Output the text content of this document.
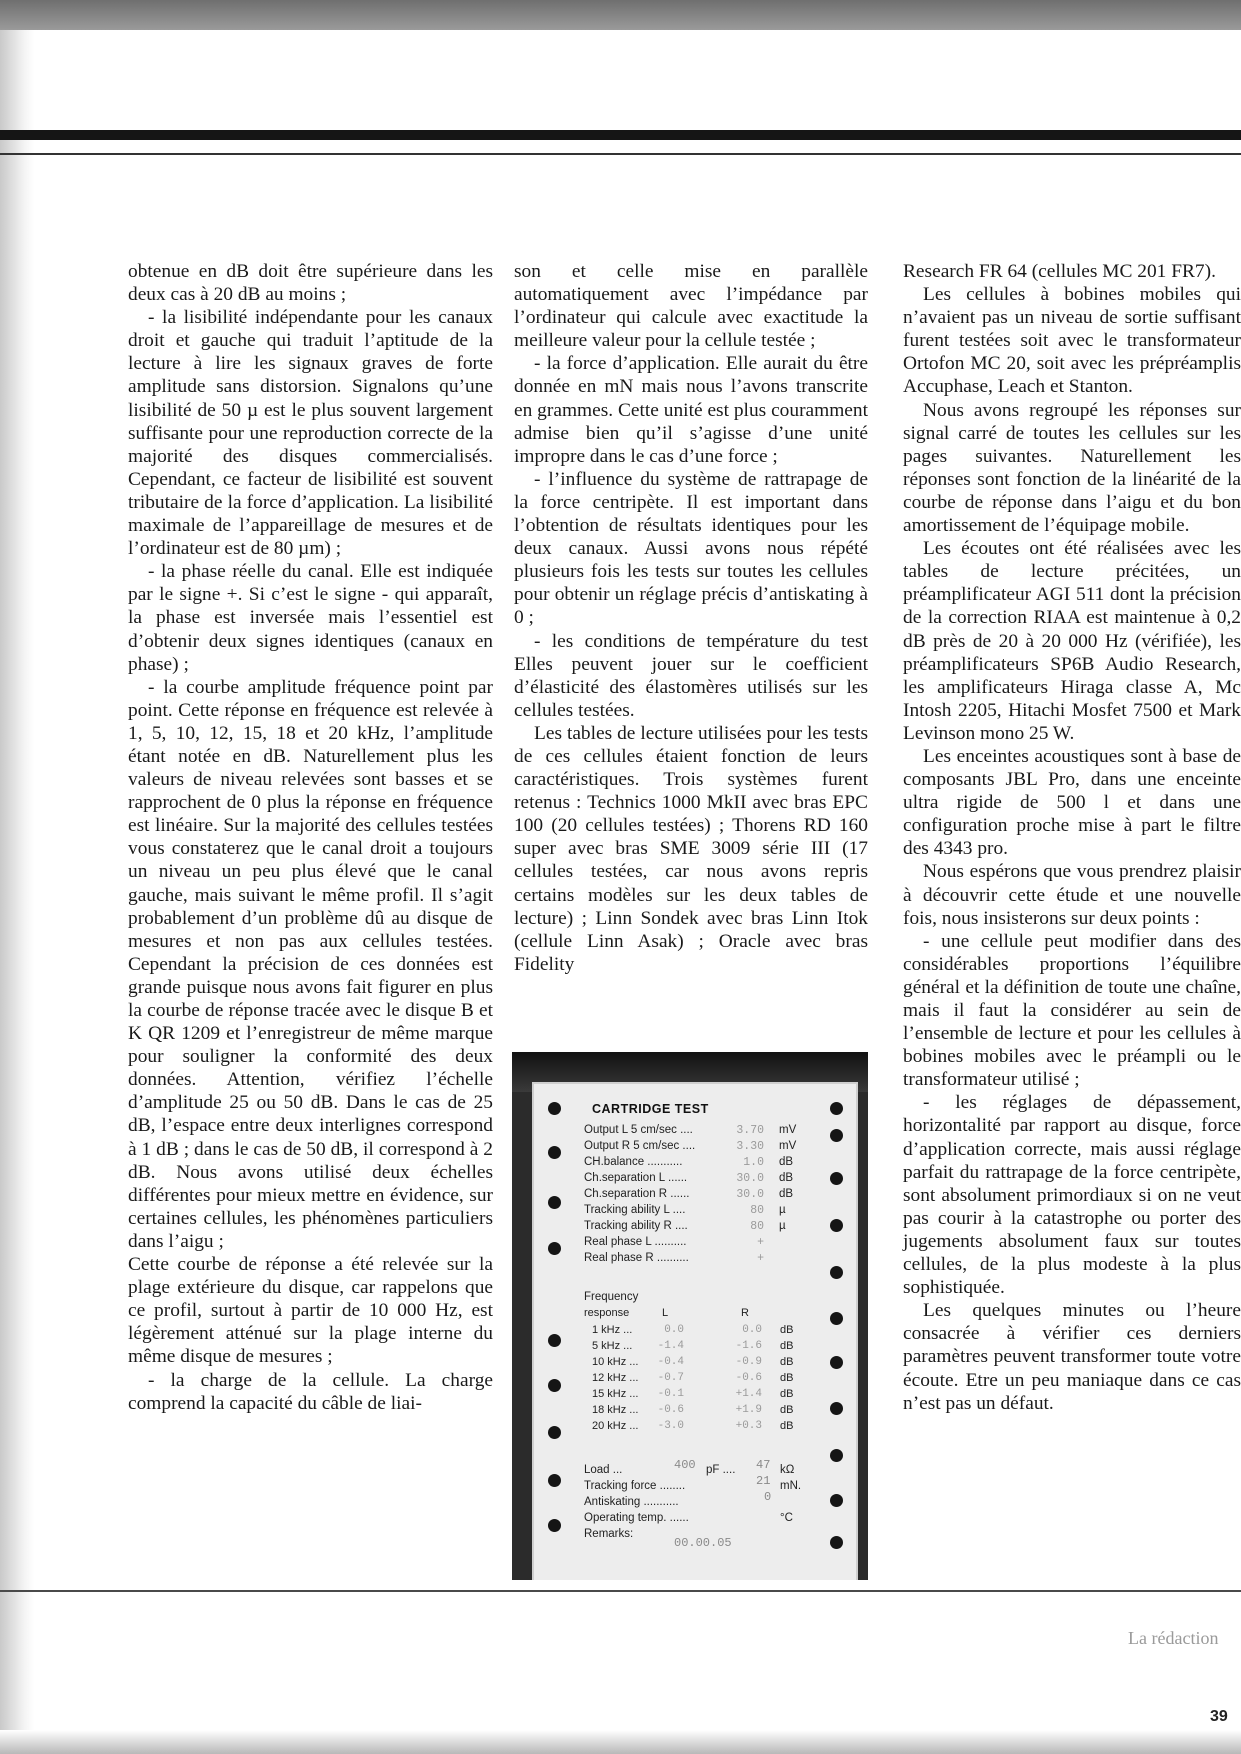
obtenue en dB doit être supérieure dans les deux cas à 20 dB au moins ;

- la lisibilité indépendante pour les canaux droit et gauche qui traduit l’aptitude de la lecture à lire les signaux graves de forte amplitude sans distorsion. Signalons qu’une lisibilité de 50 µ est le plus souvent largement suffisante pour une reproduction correcte de la majorité des disques commercialisés. Cependant, ce facteur de lisibilité est souvent tributaire de la force d’application. La lisibilité maximale de l’appareillage de mesures et de l’ordinateur est de 80 µm) ;

- la phase réelle du canal. Elle est indiquée par le signe +. Si c’est le signe - qui apparaît, la phase est inversée mais l’essentiel est d’obtenir deux signes identiques (canaux en phase) ;

- la courbe amplitude fréquence point par point. Cette réponse en fréquence est relevée à 1, 5, 10, 12, 15, 18 et 20 kHz, l’amplitude étant notée en dB. Naturellement plus les valeurs de niveau relevées sont basses et se rapprochent de 0 plus la réponse en fréquence est linéaire. Sur la majorité des cellules testées vous constaterez que le canal droit a toujours un niveau un peu plus élevé que le canal gauche, mais suivant le même profil. Il s’agit probablement d’un problème dû au disque de mesures et non pas aux cellules testées. Cependant la précision de ces données est grande puisque nous avons fait figurer en plus la courbe de réponse tracée avec le disque B et K QR 1209 et l’enregistreur de même marque pour souligner la conformité des deux données. Attention, vérifiez l’échelle d’amplitude 25 ou 50 dB. Dans le cas de 25 dB, l’espace entre deux interlignes correspond à 1 dB ; dans le cas de 50 dB, il correspond à 2 dB. Nous avons utilisé deux échelles différentes pour mieux mettre en évidence, sur certaines cellules, les phénomènes particuliers dans l’aigu ;

Cette courbe de réponse a été relevée sur la plage extérieure du disque, car rappelons que ce profil, surtout à partir de 10 000 Hz, est légèrement atténué sur la plage interne du même disque de mesures ;

- la charge de la cellule. La charge comprend la capacité du câble de liai-

son et celle mise en parallèle automatiquement avec l’impédance par l’ordinateur qui calcule avec exactitude la meilleure valeur pour la cellule testée ;

- la force d’application. Elle aurait du être donnée en mN mais nous l’avons transcrite en grammes. Cette unité est plus couramment admise bien qu’il s’agisse d’une unité impropre dans le cas d’une force ;

- l’influence du système de rattrapage de la force centripète. Il est important dans l’obtention de résultats identiques pour les deux canaux. Aussi avons nous répété plusieurs fois les tests sur toutes les cellules pour obtenir un réglage précis d’antiskating à 0 ;

- les conditions de température du test Elles peuvent jouer sur le coefficient d’élasticité des élastomères utilisés sur les cellules testées.

Les tables de lecture utilisées pour les tests de ces cellules étaient fonction de leurs caractéristiques. Trois systèmes furent retenus : Technics 1000 MkII avec bras EPC 100 (20 cellules testées) ; Thorens RD 160 super avec bras SME 3009 série III (17 cellules testées, car nous avons repris certains modèles sur les deux tables de lecture) ; Linn Sondek avec bras Linn Itok (cellule Linn Asak) ; Oracle avec bras Fidelity

CARTRIDGE TEST
Output L 5 cm/sec ....	3.70 mV
Output R 5 cm/sec ....	3.30 mV
CH.balance ...........	1.0 dB
Ch.separation L ......	30.0 dB
Ch.separation R ......	30.0 dB
Tracking ability L ....	80 µ
Tracking ability R ....	80 µ
Real phase L ..........	+
Real phase R ..........	+
Frequency
response	L	R
1 kHz ...	0.0	0.0 dB
5 kHz ...	-1.4	-1.6 dB
10 kHz ...	-0.4	-0.9 dB
12 kHz ...	-0.7	-0.6 dB
15 kHz ...	-0.1	+1.4 dB
18 kHz ...	-0.6	+1.9 dB
20 kHz ...	-3.0	+0.3 dB
Load ...	400 pF .... 47 kΩ
Tracking force ........	21 mN.
Antiskating ...........	0
Operating temp. ......	°C
Remarks:
00.00.05

Research FR 64 (cellules MC 201 FR7).

Les cellules à bobines mobiles qui n’avaient pas un niveau de sortie suffisant furent testées soit avec le transformateur Ortofon MC 20, soit avec les prépréamplis Accuphase, Leach et Stanton.

Nous avons regroupé les réponses sur signal carré de toutes les cellules sur les pages suivantes. Naturellement les réponses sont fonction de la linéarité de la courbe de réponse dans l’aigu et du bon amortissement de l’équipage mobile.

Les écoutes ont été réalisées avec les tables de lecture précitées, un préamplificateur AGI 511 dont la précision de la correction RIAA est maintenue à 0,2 dB près de 20 à 20 000 Hz (vérifiée), les préamplificateurs SP6B Audio Research, les amplificateurs Hiraga classe A, Mc Intosh 2205, Hitachi Mosfet 7500 et Mark Levinson mono 25 W.

Les enceintes acoustiques sont à base de composants JBL Pro, dans une enceinte ultra rigide de 500 l et dans une configuration proche mise à part le filtre des 4343 pro.

Nous espérons que vous prendrez plaisir à découvrir cette étude et une nouvelle fois, nous insisterons sur deux points :

- une cellule peut modifier dans des considérables proportions l’équilibre général et la définition de toute une chaîne, mais il faut la considérer au sein de l’ensemble de lecture et pour les cellules à bobines mobiles avec le préampli ou le transformateur utilisé ;

- les réglages de dépassement, horizontalité par rapport au disque, force d’application correcte, mais aussi réglage parfait du rattrapage de la force centripète, sont absolument primordiaux si on ne veut pas courir à la catastrophe ou porter des jugements absolument faux sur toutes cellules, de la plus modeste à la plus sophistiquée.

Les quelques minutes ou l’heure consacrée à vérifier ces derniers paramètres peuvent transformer toute votre écoute. Etre un peu maniaque dans ce cas n’est pas un défaut.

La rédaction
39
